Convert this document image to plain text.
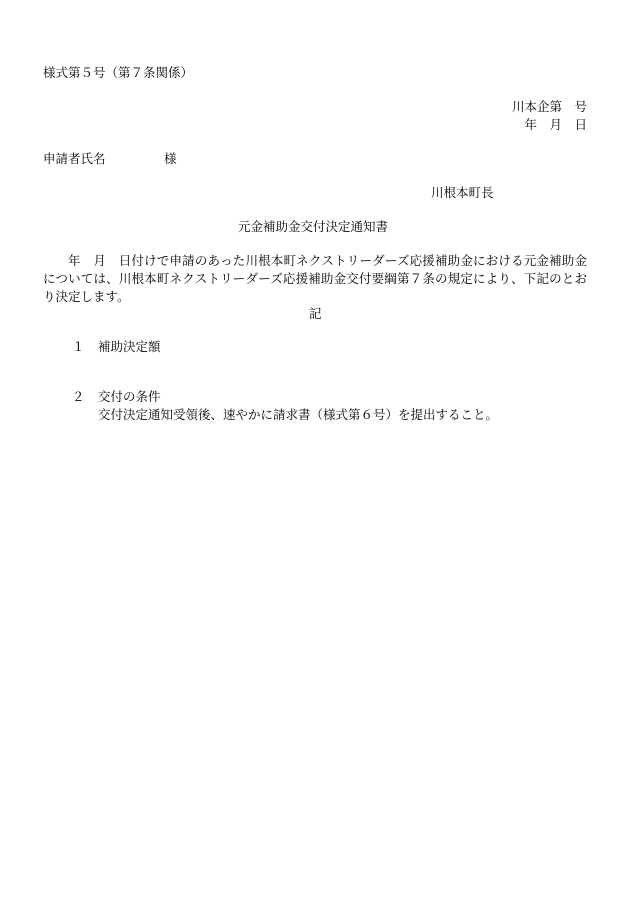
様式第５号（第７条関係）

川本企第　号

年　月　日

申請者氏名	様

川根本町長

元金補助金交付決定通知書

年　月　日付けで申請のあった川根本町ネクストリーダーズ応援補助金における元金補助金については、川根本町ネクストリーダーズ応援補助金交付要綱第７条の規定により、下記のとおり決定します。

記

１ 補助決定額

２ 交付の条件

交付決定通知受領後、速やかに請求書（様式第６号）を提出すること。
